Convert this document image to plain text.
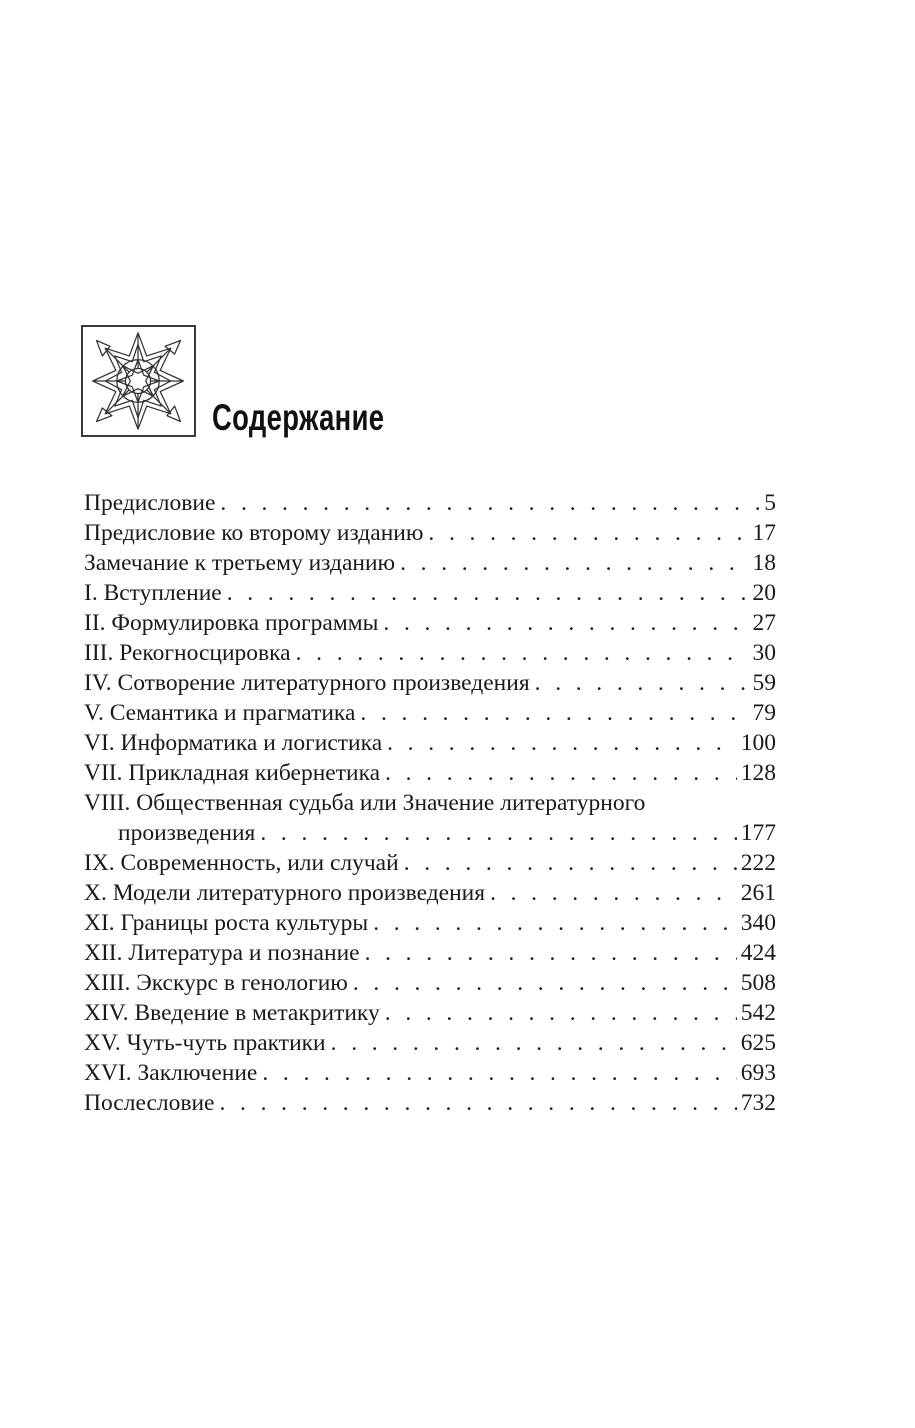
Содержание
Предисловие . . .	5
Предисловие ко второму изданию . . .	17
Замечание к третьему изданию . . .	18
I. Вступление . . .	20
II. Формулировка программы . . .	27
III. Рекогносцировка . . .	30
IV. Сотворение литературного произведения . . .	59
V. Семантика и прагматика . . .	79
VI. Информатика и логистика . . .	100
VII. Прикладная кибернетика . . .	128
VIII. Общественная судьба или Значение литературного
произведения . . .	177
IX. Современность, или случай . . .	222
X. Модели литературного произведения . . .	261
XI. Границы роста культуры . . .	340
XII. Литература и познание . . .	424
XIII. Экскурс в генологию . . .	508
XIV. Введение в метакритику . . .	542
XV. Чуть-чуть практики . . .	625
XVI. Заключение . . .	693
Послесловие . . .	732
